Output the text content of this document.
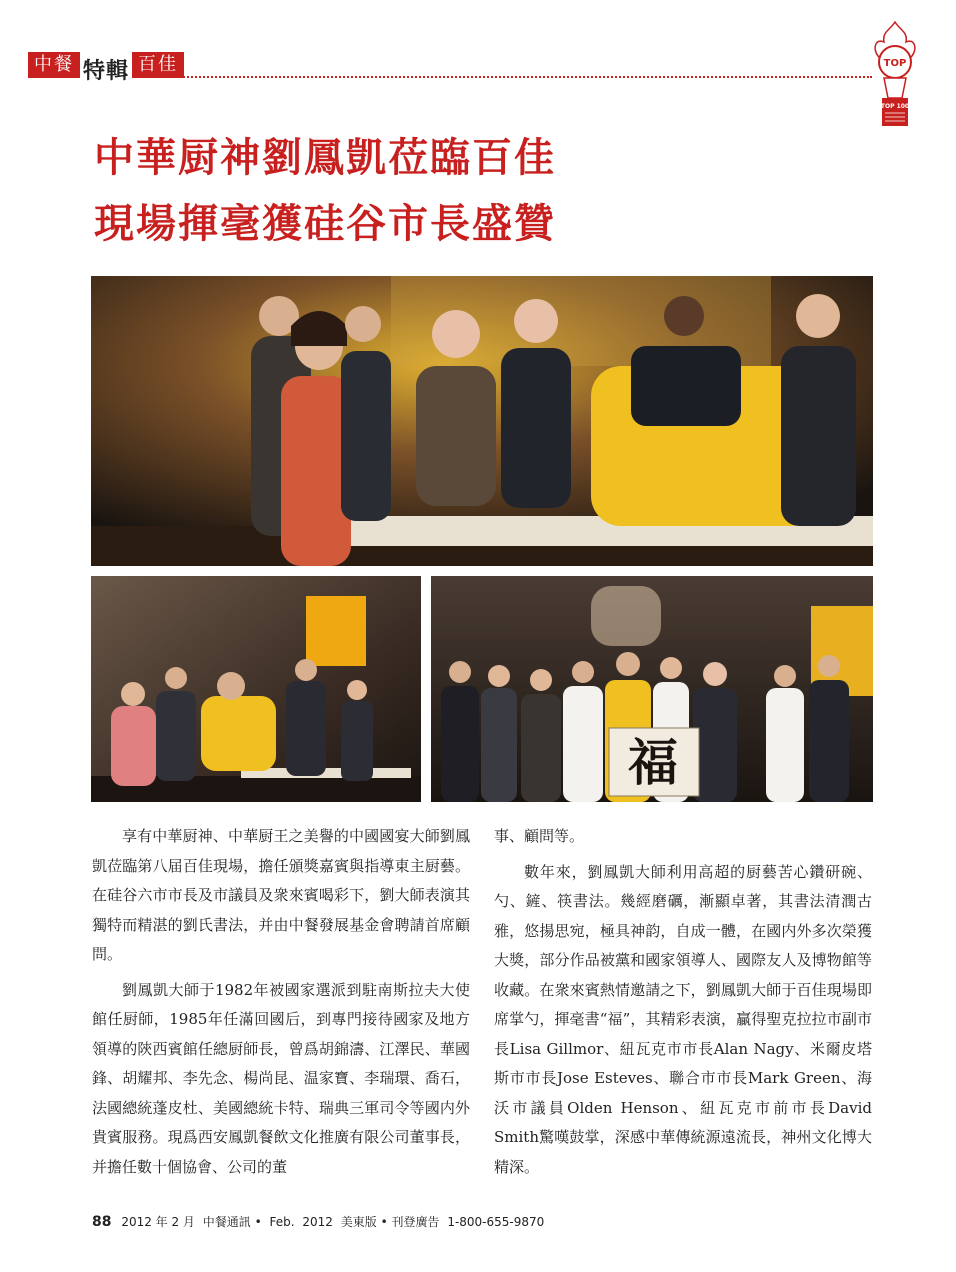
中餐 特輯 百佳	TOP
TOP 100
中華厨神劉鳳凱莅臨百佳
現場揮毫獲硅谷市長盛贊
福

享有中華厨神、中華厨王之美譽的中國國宴大師劉鳳凱莅臨第八届百佳現場，擔任頒獎嘉賓與指導東主厨藝。在硅谷六市市長及市議員及衆來賓喝彩下，劉大師表演其獨特而精湛的劉氏書法，并由中餐發展基金會聘請首席顧問。

劉鳳凱大師于1982年被國家選派到駐南斯拉夫大使館任厨師，1985年任滿回國后，到專門接待國家及地方領導的陝西賓館任總厨師長，曾爲胡錦濤、江澤民、華國鋒、胡耀邦、李先念、楊尚昆、温家寶、李瑞環、喬石，法國總統蓬皮杜、美國總統卡特、瑞典三軍司令等國内外貴賓服務。現爲西安鳳凱餐飲文化推廣有限公司董事長，并擔任數十個協會、公司的董

事、顧問等。

數年來，劉鳳凱大師利用高超的厨藝苦心鑽研碗、勺、鏟、筷書法。幾經磨礪，漸顯卓著，其書法清潤古雅，悠揚思宛，極具神韵，自成一體，在國内外多次榮獲大獎，部分作品被黨和國家領導人、國際友人及博物館等收藏。在衆來賓熱情邀請之下，劉鳳凱大師于百佳現場即席掌勺，揮毫書“福”，其精彩表演，贏得聖克拉拉市副市長Lisa Gillmor、紐瓦克市市長Alan Nagy、米爾皮塔斯市市長Jose Esteves、聯合市市長Mark Green、海沃市議員Olden Henson、紐瓦克市前市長David Smith驚嘆鼓掌，深感中華傳統源遠流長，神州文化博大精深。

88 2012 年 2 月 中餐通訊 • Feb. 2012 美東版 • 刊登廣告 1-800-655-9870
